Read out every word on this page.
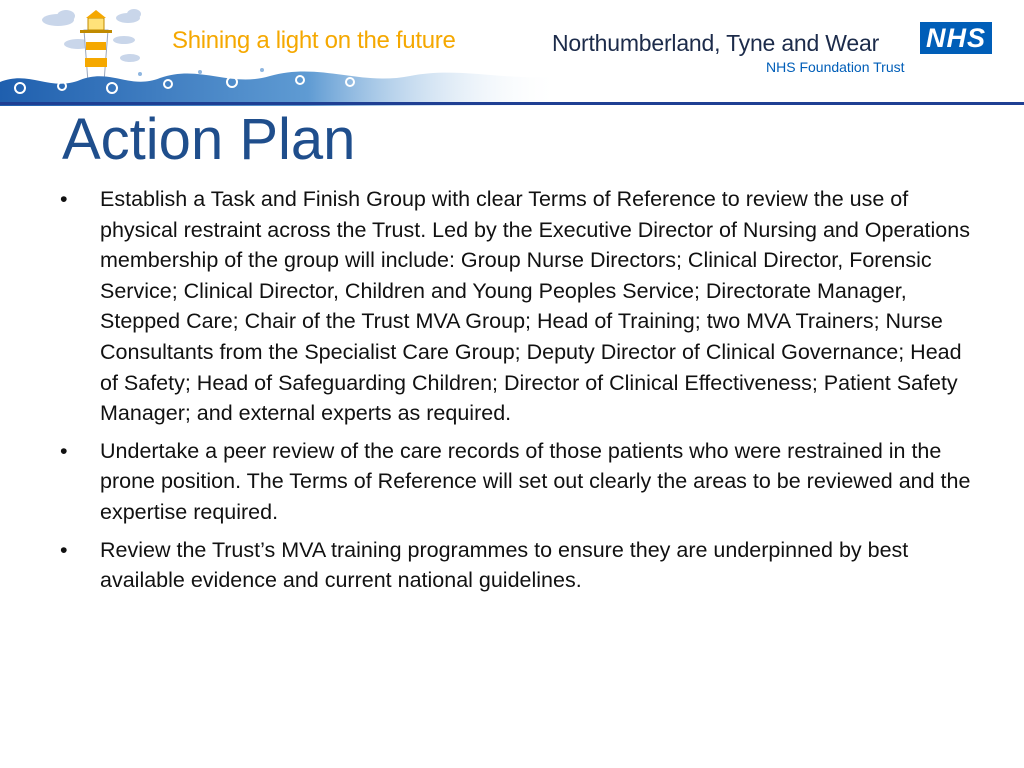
Shining a light on the future	Northumberland, Tyne and Wear
NHS Foundation Trust
NHS
Action Plan
• Establish a Task and Finish Group with clear Terms of Reference to review the use of physical restraint across the Trust. Led by the Executive Director of Nursing and Operations membership of the group will include: Group Nurse Directors; Clinical Director, Forensic Service; Clinical Director, Children and Young Peoples Service; Directorate Manager, Stepped Care; Chair of the Trust MVA Group; Head of Training; two MVA Trainers; Nurse Consultants from the Specialist Care Group; Deputy Director of Clinical Governance; Head of Safety; Head of Safeguarding Children; Director of Clinical Effectiveness; Patient Safety Manager; and external experts as required.
• Undertake a peer review of the care records of those patients who were restrained in the prone position. The Terms of Reference will set out clearly the areas to be reviewed and the expertise required.
• Review the Trust’s MVA training programmes to ensure they are underpinned by best available evidence and current national guidelines.
